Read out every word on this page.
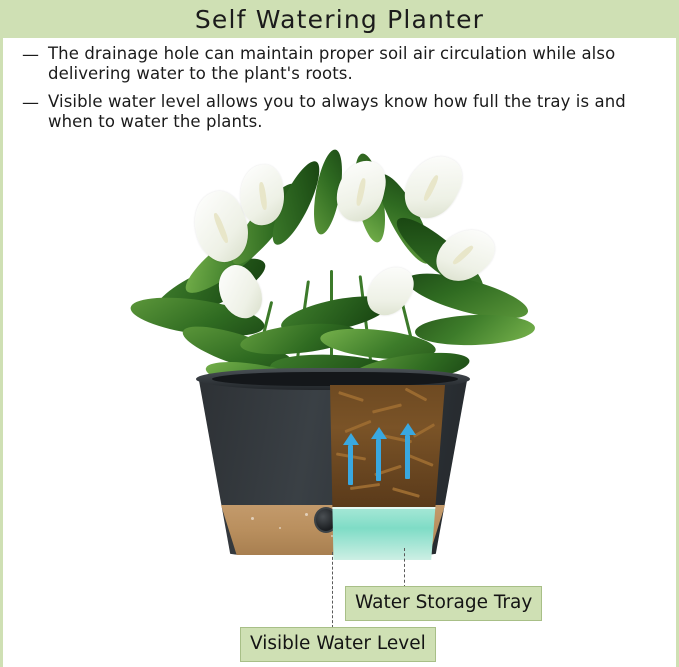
Self Watering Planter
— The drainage hole can maintain proper soil air circulation while also delivering water to the plant's roots.
— Visible water level allows you to always know how full the tray is and when to water the plants.
Water Storage Tray
Visible Water Level
